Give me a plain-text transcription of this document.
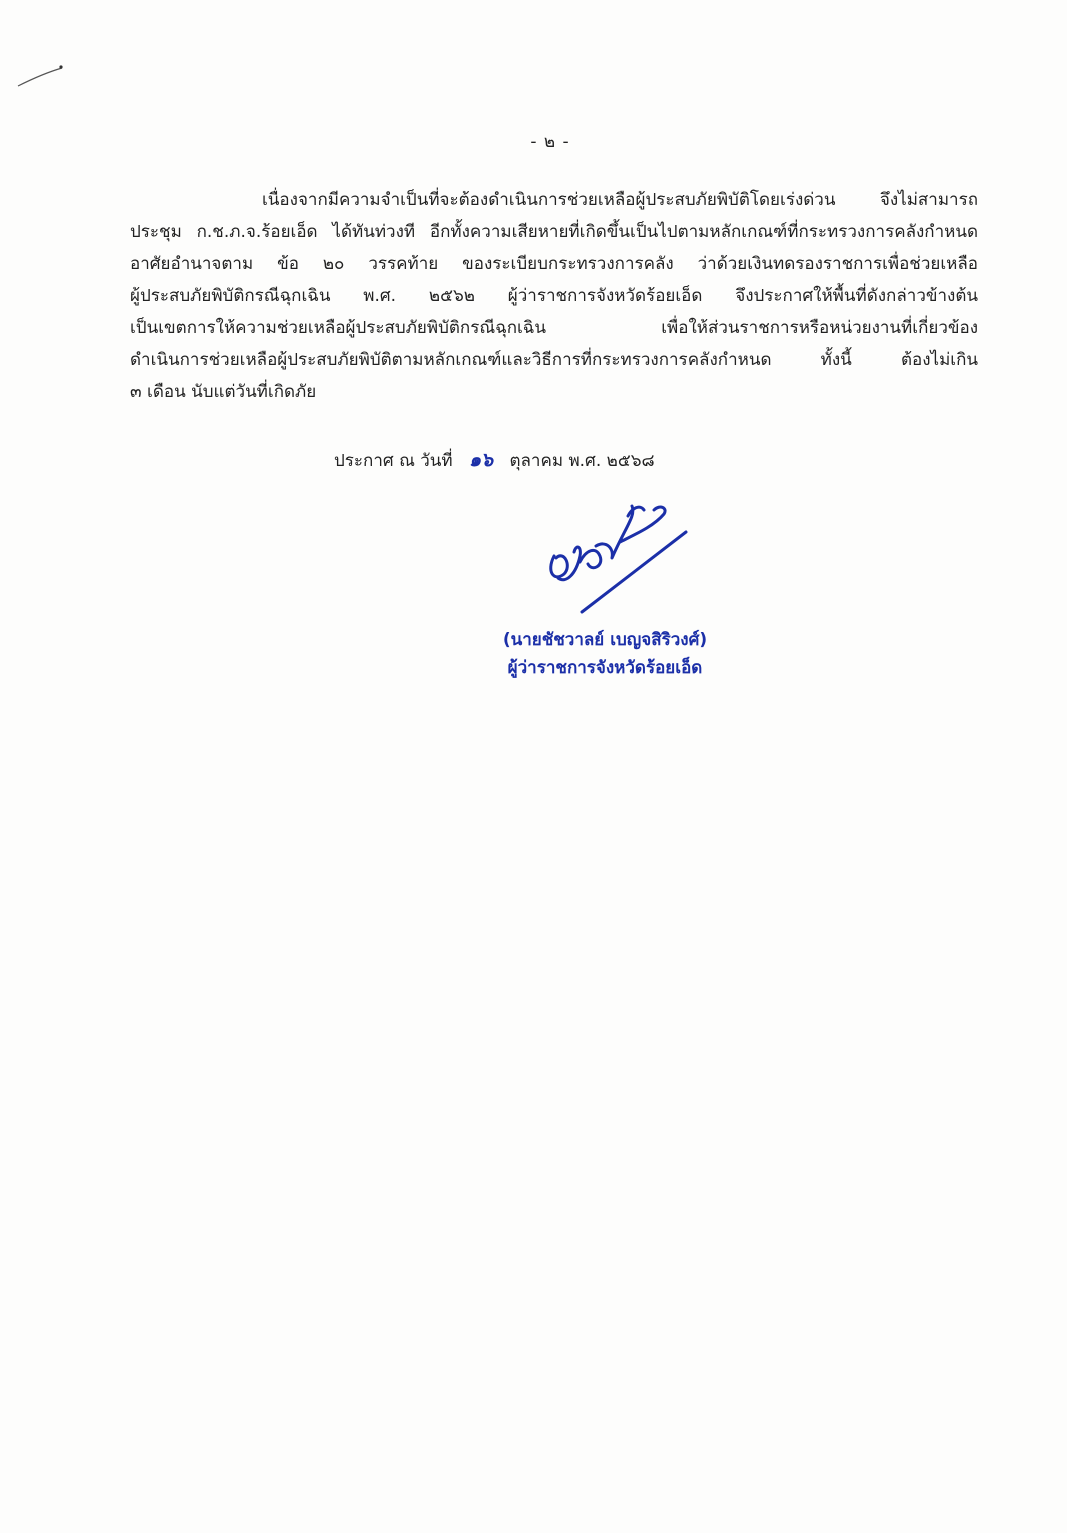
- ๒ -
เนื่องจากมีความจำเป็นที่จะต้องดำเนินการช่วยเหลือผู้ประสบภัยพิบัติโดยเร่งด่วน จึงไม่สามารถ
ประชุม ก.ช.ภ.จ.ร้อยเอ็ด ได้ทันท่วงที อีกทั้งความเสียหายที่เกิดขึ้นเป็นไปตามหลักเกณฑ์ที่กระทรวงการคลังกำหนด
อาศัยอำนาจตาม ข้อ ๒๐ วรรคท้าย ของระเบียบกระทรวงการคลัง ว่าด้วยเงินทดรองราชการเพื่อช่วยเหลือ
ผู้ประสบภัยพิบัติกรณีฉุกเฉิน พ.ศ. ๒๕๖๒ ผู้ว่าราชการจังหวัดร้อยเอ็ด จึงประกาศให้พื้นที่ดังกล่าวข้างต้น
เป็นเขตการให้ความช่วยเหลือผู้ประสบภัยพิบัติกรณีฉุกเฉิน เพื่อให้ส่วนราชการหรือหน่วยงานที่เกี่ยวข้อง
ดำเนินการช่วยเหลือผู้ประสบภัยพิบัติตามหลักเกณฑ์และวิธีการที่กระทรวงการคลังกำหนด ทั้งนี้ ต้องไม่เกิน
๓ เดือน นับแต่วันที่เกิดภัย
ประกาศ ณ วันที่ ๑๖ ตุลาคม พ.ศ. ๒๕๖๘
(นายชัชวาลย์ เบญจสิริวงศ์)
ผู้ว่าราชการจังหวัดร้อยเอ็ด
